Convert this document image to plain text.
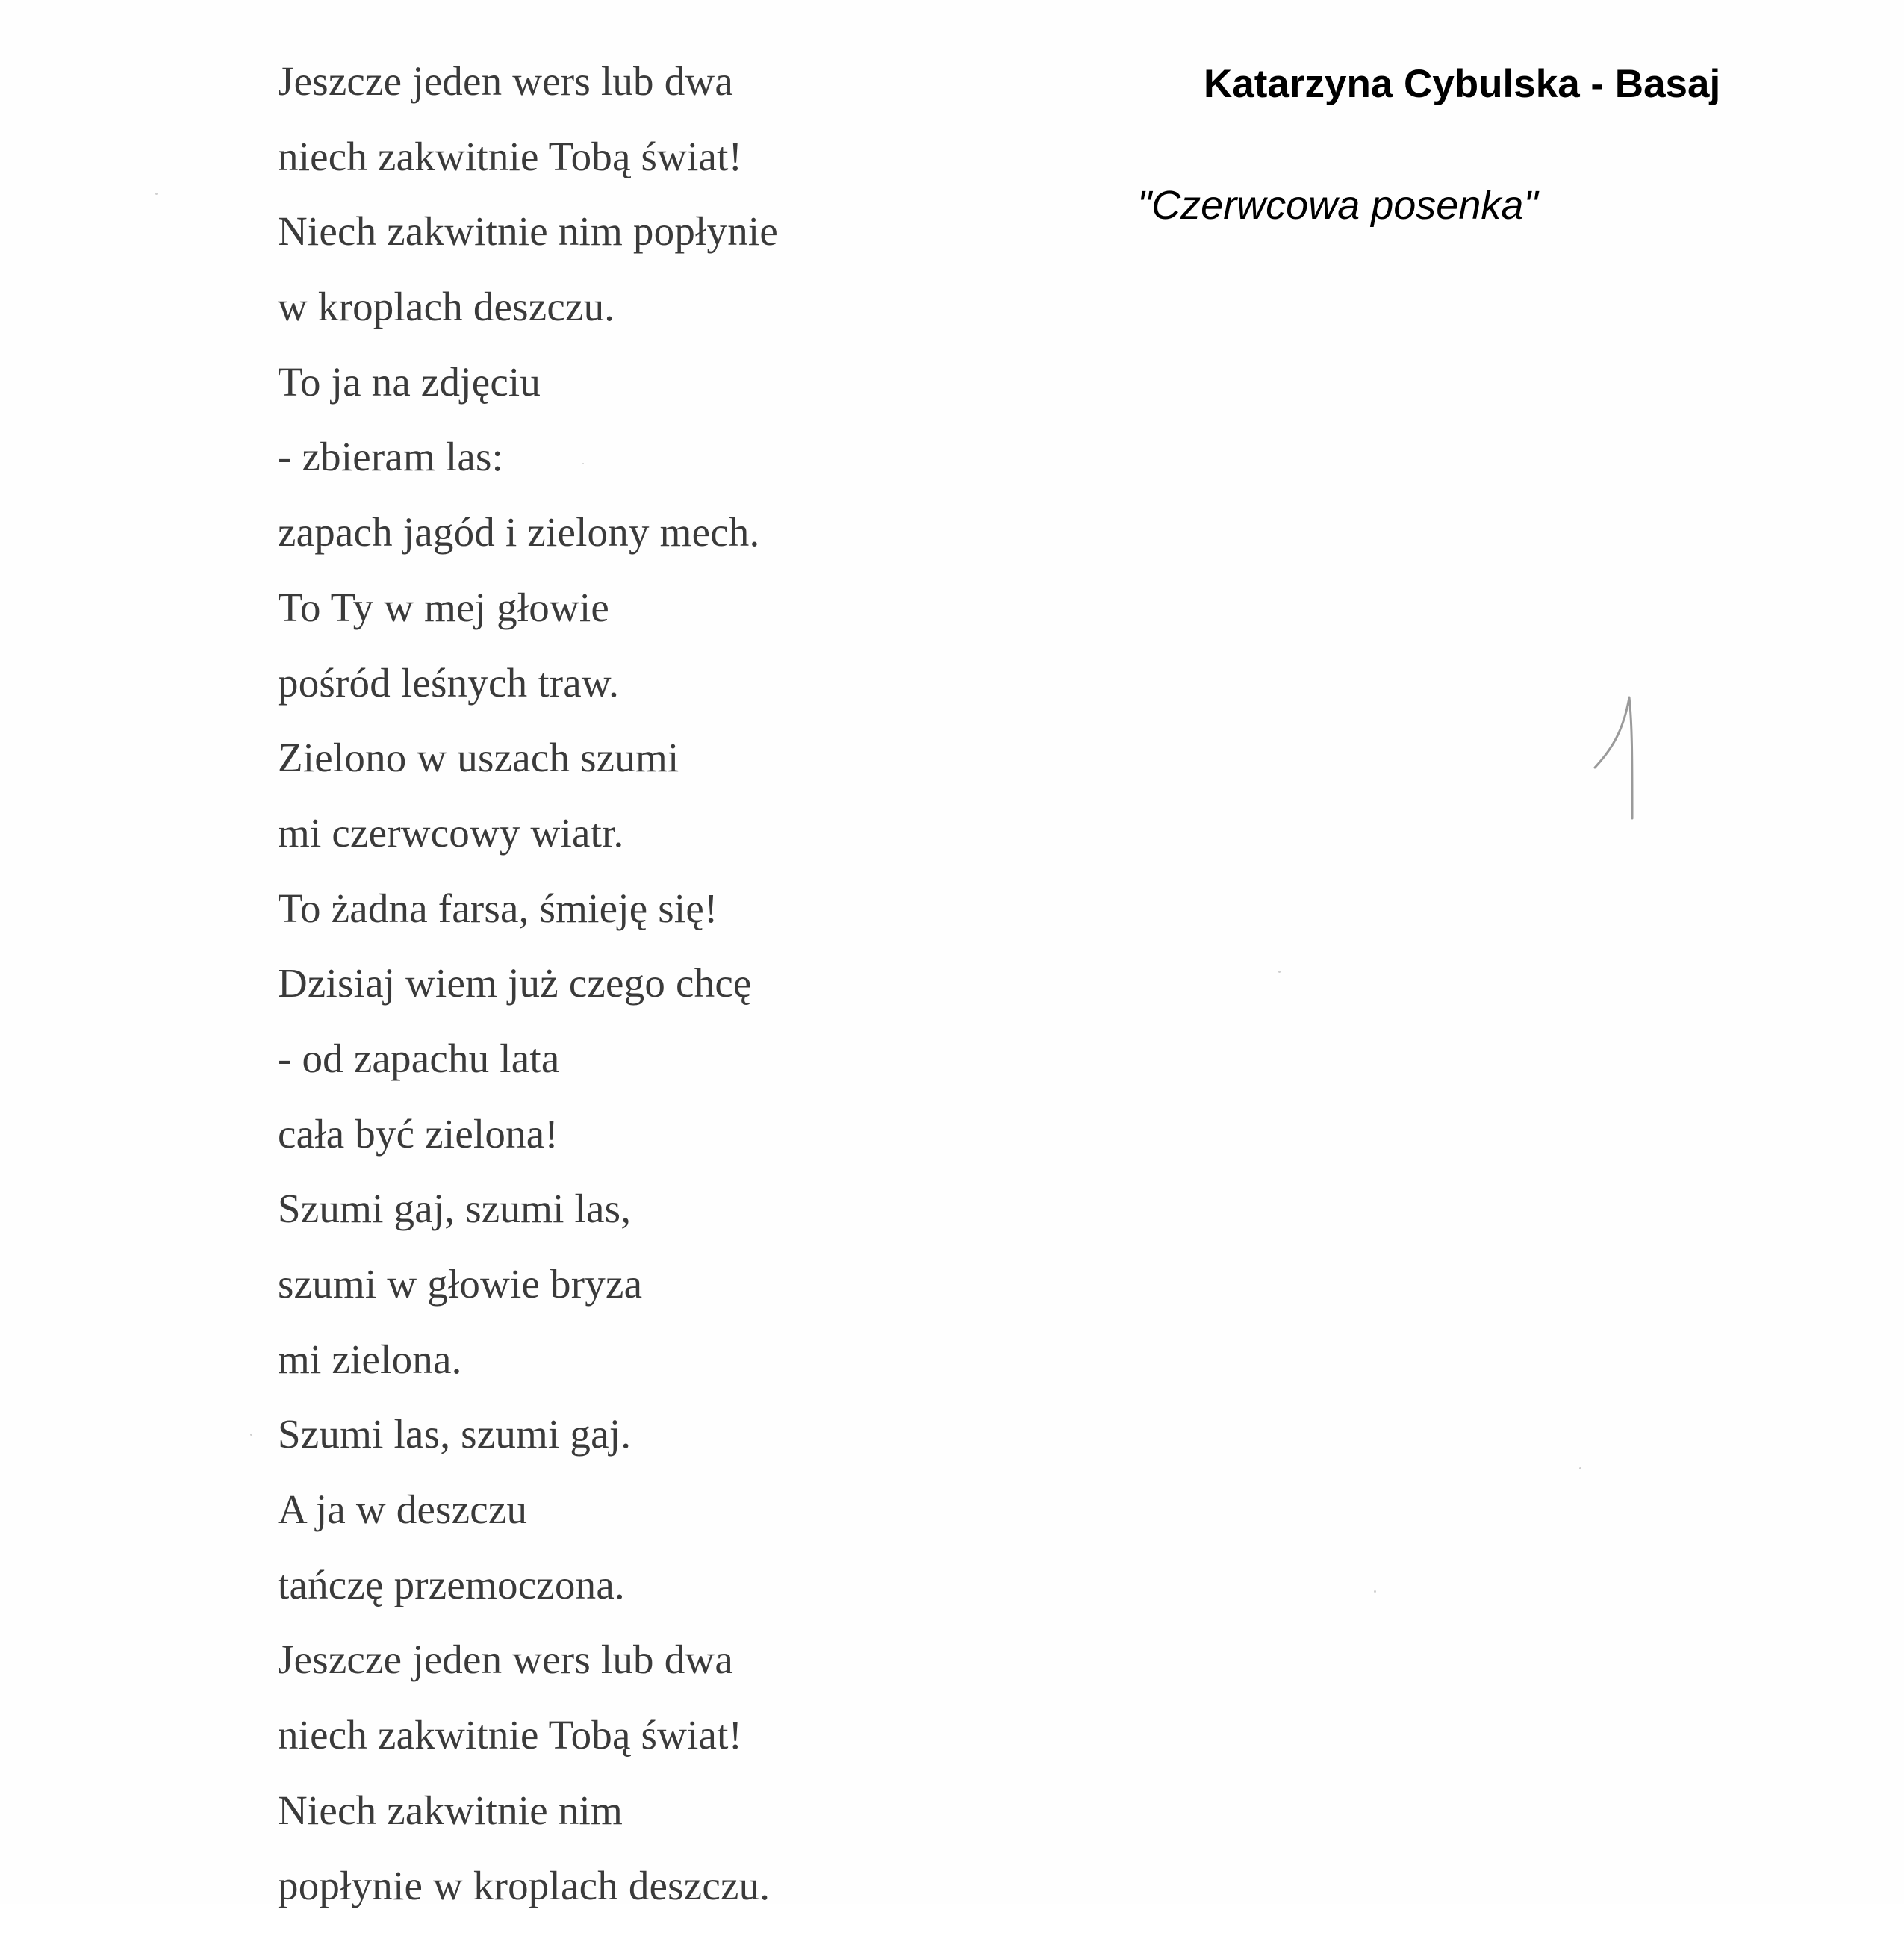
Katarzyna Cybulska - Basaj
"Czerwcowa posenka"
Jeszcze jeden wers lub dwa
niech zakwitnie Tobą świat!
Niech zakwitnie nim popłynie
w kroplach deszczu.
To ja na zdjęciu
- zbieram las:
zapach jagód i zielony mech.
To Ty w mej głowie
pośród leśnych traw.
Zielono w uszach szumi
mi czerwcowy wiatr.
To żadna farsa, śmieję się!
Dzisiaj wiem już czego chcę
- od zapachu lata
cała być zielona!
Szumi gaj, szumi las,
szumi w głowie bryza
mi zielona.
Szumi las, szumi gaj.
A ja w deszczu
tańczę przemoczona.
Jeszcze jeden wers lub dwa
niech zakwitnie Tobą świat!
Niech zakwitnie nim
popłynie w kroplach deszczu.
